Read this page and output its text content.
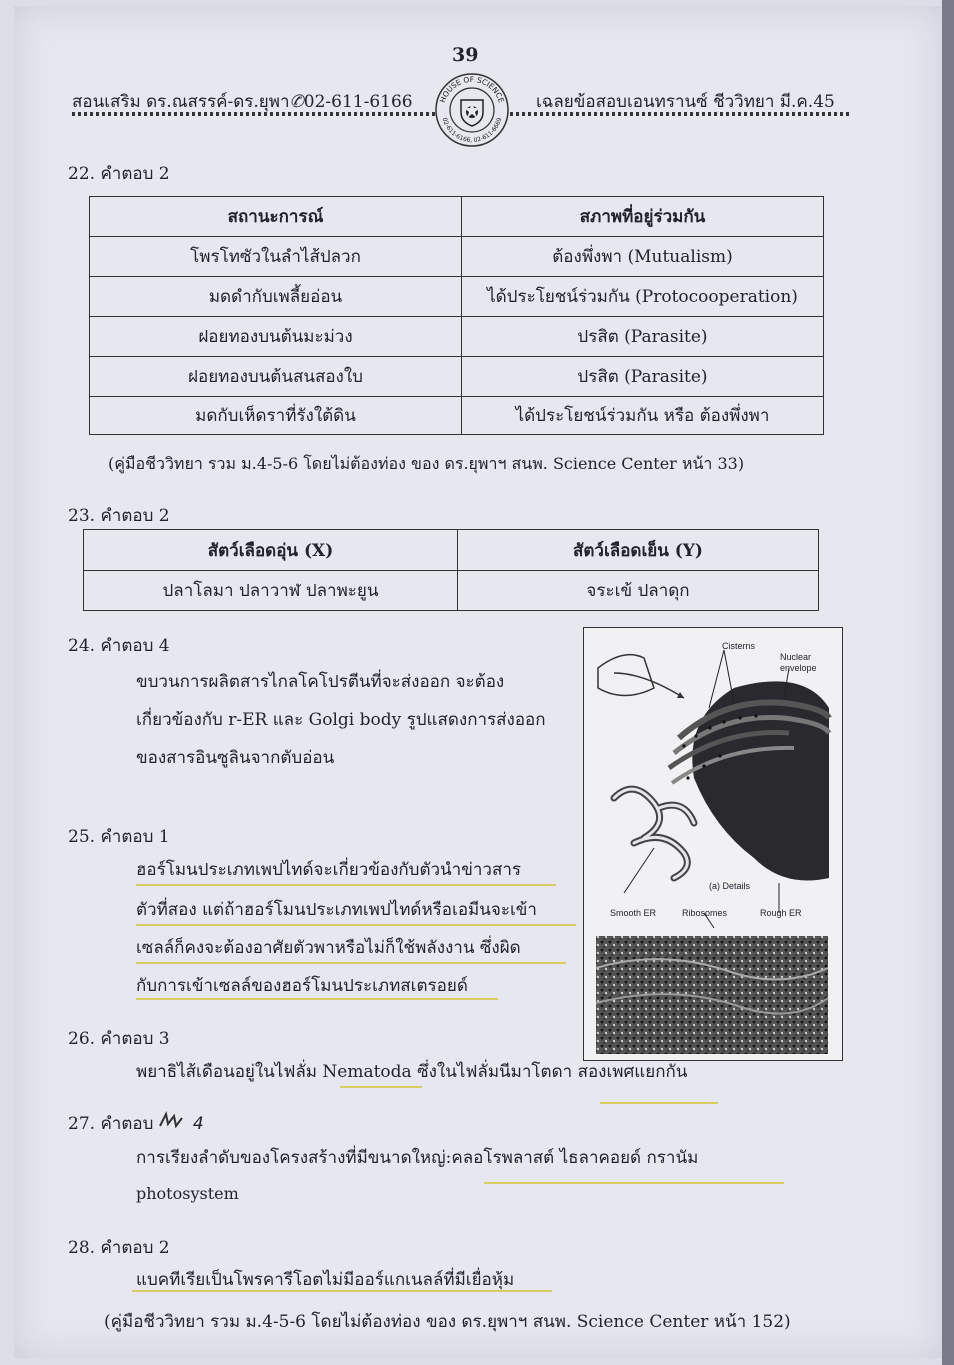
39
สอนเสริม ดร.ณสรรค์-ดร.ยุพา✆02-611-6166	เฉลยข้อสอบเอนทรานซ์ ชีววิทยา มี.ค.45
HOUSE OF SCIENCE
02-611-6166, 02-611-6669
22. คำตอบ 2
สถานะการณ์	สภาพที่อยู่ร่วมกัน
โพรโทซัวในลำไส้ปลวก	ต้องพึ่งพา (Mutualism)
มดดำกับเพลี้ยอ่อน	ได้ประโยชน์ร่วมกัน (Protocooperation)
ฝอยทองบนต้นมะม่วง	ปรสิต (Parasite)
ฝอยทองบนต้นสนสองใบ	ปรสิต (Parasite)
มดกับเห็ดราที่รังใต้ดิน	ได้ประโยชน์ร่วมกัน หรือ ต้องพึ่งพา
(คู่มือชีววิทยา รวม ม.4-5-6 โดยไม่ต้องท่อง ของ ดร.ยุพาฯ สนพ. Science Center หน้า 33)
23. คำตอบ 2
สัตว์เลือดอุ่น (X)	สัตว์เลือดเย็น (Y)
ปลาโลมา ปลาวาฬ ปลาพะยูน	จระเข้ ปลาดุก
24. คำตอบ 4
ขบวนการผลิตสารไกลโคโปรตีนที่จะส่งออก จะต้อง
เกี่ยวข้องกับ r-ER และ Golgi body รูปแสดงการส่งออก
ของสารอินซูลินจากตับอ่อน
Cisterns
Nuclear
envelope
(a) Details
Smooth ER	Ribosomes	Rough ER
25. คำตอบ 1
ฮอร์โมนประเภทเพปไทด์จะเกี่ยวข้องกับตัวนำข่าวสาร
ตัวที่สอง แต่ถ้าฮอร์โมนประเภทเพปไทด์หรือเอมีนจะเข้า
เซลล์ก็คงจะต้องอาศัยตัวพาหรือไม่ก็ใช้พลังงาน ซึ่งผิด
กับการเข้าเซลล์ของฮอร์โมนประเภทสเตรอยด์
26. คำตอบ 3
พยาธิไส้เดือนอยู่ในไฟลั่ม Nematoda ซึ่งในไฟลั่มนีมาโตดา สองเพศแยกกัน
27. คำตอบ 4
การเรียงลำดับของโครงสร้างที่มีขนาดใหญ่:คลอโรพลาสต์ ไธลาคอยด์ กรานัม
photosystem
28. คำตอบ 2
แบคทีเรียเป็นโพรคารีโอตไม่มีออร์แกเนลล์ที่มีเยื่อหุ้ม
(คู่มือชีววิทยา รวม ม.4-5-6 โดยไม่ต้องท่อง ของ ดร.ยุพาฯ สนพ. Science Center หน้า 152)
